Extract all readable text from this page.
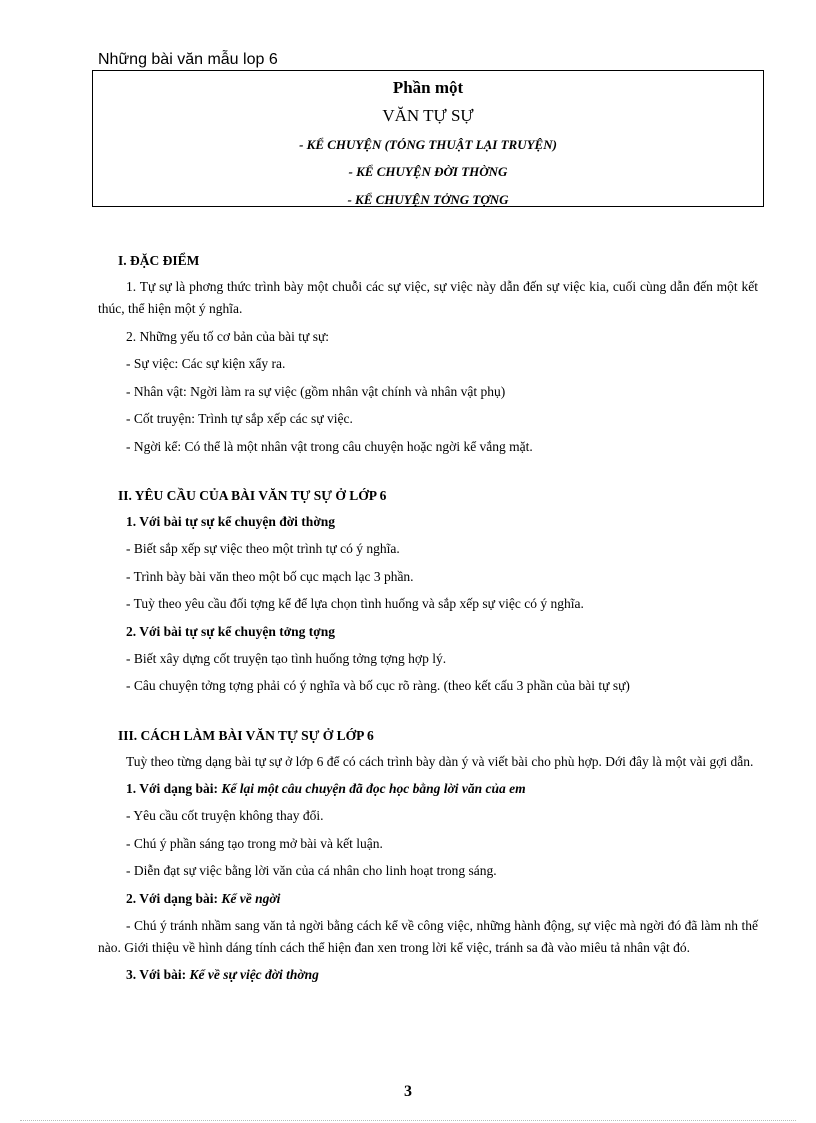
Những bài văn mẫu lop 6
Phần một
VĂN TỰ SỰ
- KỂ CHUYỆN (TÓNG THUẬT LẠI TRUYỆN)
- KỂ CHUYỆN ĐỜI THỜNG
- KỂ CHUYỆN TỞNG TỢNG

I. ĐẶC ĐIỂM

1. Tự sự là phơng thức trình bày một chuỗi các sự việc, sự việc này dẫn đến sự việc kia, cuối cùng dẫn đến một kết thúc, thể hiện một ý nghĩa.

2. Những yếu tố cơ bản của bài tự sự:

- Sự việc: Các sự kiện xẩy ra.

- Nhân vật: Ngời làm ra sự việc (gồm nhân vật chính và nhân vật phụ)

- Cốt truyện: Trình tự sắp xếp các sự việc.

- Ngời kể: Có thể là một nhân vật trong câu chuyện hoặc ngời kể vắng mặt.

II. YÊU CẦU CỦA BÀI VĂN TỰ SỰ Ở LỚP 6

1. Với bài tự sự kể chuyện đời thờng

- Biết sắp xếp sự việc theo một trình tự có ý nghĩa.

- Trình bày bài văn theo một bố cục mạch lạc 3 phần.

- Tuỳ theo yêu cầu đối tợng kể để lựa chọn tình huống và sắp xếp sự việc có ý nghĩa.

2. Với bài tự sự kể chuyện tởng tợng

- Biết xây dựng cốt truyện tạo tình huống tởng tợng hợp lý.

- Câu chuyện tởng tợng phải có ý nghĩa và bố cục rõ ràng. (theo kết cấu 3 phần của bài tự sự)

III. CÁCH LÀM BÀI VĂN TỰ SỰ Ở LỚP 6

Tuỳ theo từng dạng bài tự sự ở lớp 6 để có cách trình bày dàn ý và viết bài cho phù hợp. Dới đây là một vài gợi dẫn.

1. Với dạng bài: Kể lại một câu chuyện đã đọc học bằng lời văn của em

- Yêu cầu cốt truyện không thay đổi.

- Chú ý phần sáng tạo trong mở bài và kết luận.

- Diễn đạt sự việc bằng lời văn của cá nhân cho linh hoạt trong sáng.

2. Với dạng bài: Kể về ngời

- Chú ý tránh nhầm sang văn tả ngời bằng cách kể về công việc, những hành động, sự việc mà ngời đó đã làm nh thế nào. Giới thiệu về hình dáng tính cách thể hiện đan xen trong lời kể việc, tránh sa đà vào miêu tả nhân vật đó.

3. Với bài: Kể về sự việc đời thờng

3
